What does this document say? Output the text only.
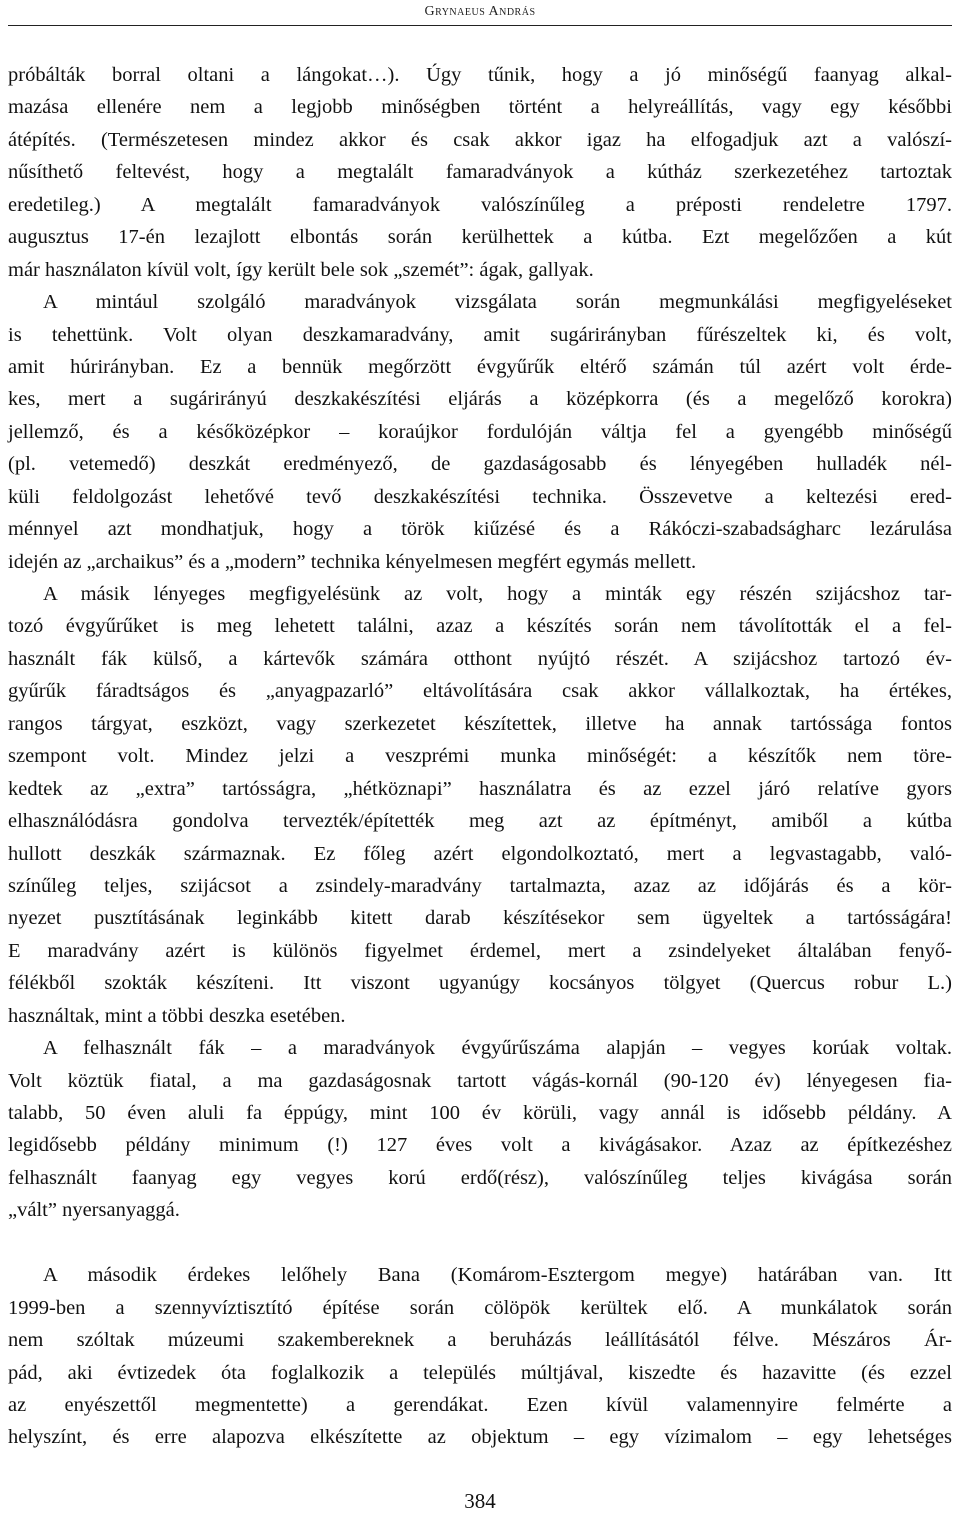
Grynaeus András
próbálták borral oltani a lángokat…). Úgy tűnik, hogy a jó minőségű faanyag alkal-
mazása ellenére nem a legjobb minőségben történt a helyreállítás, vagy egy későbbi
átépítés. (Természetesen mindez akkor és csak akkor igaz ha elfogadjuk azt a valószí-
nűsíthető feltevést, hogy a megtalált famaradványok a kútház szerkezetéhez tartoztak
eredetileg.) A megtalált famaradványok valószínűleg a préposti rendeletre 1797.
augusztus 17-én lezajlott elbontás során kerülhettek a kútba. Ezt megelőzően a kút
már használaton kívül volt, így került bele sok „szemét”: ágak, gallyak.
A mintául szolgáló maradványok vizsgálata során megmunkálási megfigyeléseket
is tehettünk. Volt olyan deszkamaradvány, amit sugárirányban fűrészeltek ki, és volt,
amit húrirányban. Ez a bennük megőrzött évgyűrűk eltérő számán túl azért volt érde-
kes, mert a sugárirányú deszkakészítési eljárás a középkorra (és a megelőző korokra)
jellemző, és a későközépkor – koraújkor fordulóján váltja fel a gyengébb minőségű
(pl. vetemedő) deszkát eredményező, de gazdaságosabb és lényegében hulladék nél-
küli feldolgozást lehetővé tevő deszkakészítési technika. Összevetve a keltezési ered-
ménnyel azt mondhatjuk, hogy a török kiűzésé és a Rákóczi-szabadságharc lezárulása
idején az „archaikus” és a „modern” technika kényelmesen megfért egymás mellett.
A másik lényeges megfigyelésünk az volt, hogy a minták egy részén szijácshoz tar-
tozó évgyűrűket is meg lehetett találni, azaz a készítés során nem távolították el a fel-
használt fák külső, a kártevők számára otthont nyújtó részét. A szijácshoz tartozó év-
gyűrűk fáradtságos és „anyagpazarló” eltávolítására csak akkor vállalkoztak, ha értékes,
rangos tárgyat, eszközt, vagy szerkezetet készítettek, illetve ha annak tartóssága fontos
szempont volt. Mindez jelzi a veszprémi munka minőségét: a készítők nem törе-
kedtek az „extra” tartósságra, „hétköznapi” használatra és az ezzel járó relatíve gyors
elhasználódásra gondolva tervezték/építették meg azt az építményt, amiből a kútba
hullott deszkák származnak. Ez főleg azért elgondolkoztató, mert a legvastagabb, való-
színűleg teljes, szijácsot a zsindely-maradvány tartalmazta, azaz az időjárás és a kör-
nyezet pusztításának leginkább kitett darab készítésekor sem ügyeltek a tartósságára!
E maradvány azért is különös figyelmet érdemel, mert a zsindelyeket általában fenyő-
félékből szokták készíteni. Itt viszont ugyanúgy kocsányos tölgyet (Quercus robur L.)
használtak, mint a többi deszka esetében.
A felhasznált fák – a maradványok évgyűrűszáma alapján – vegyes korúak voltak.
Volt köztük fiatal, a ma gazdaságosnak tartott vágás-kornál (90-120 év) lényegesen fia-
talabb, 50 éven aluli fa éppúgy, mint 100 év körüli, vagy annál is idősebb példány. A
legidősebb példány minimum (!) 127 éves volt a kivágásakor. Azaz az építkezéshez
felhasznált faanyag egy vegyes korú erdő(rész), valószínűleg teljes kivágása során
„vált” nyersanyaggá.
A második érdekes lelőhely Bana (Komárom-Esztergom megye) határában van. Itt
1999-ben a szennyvíztisztító építése során cölöpök kerültek elő. A munkálatok során
nem szóltak múzeumi szakembereknek a beruházás leállításától félve. Mészáros Ár-
pád, aki évtizedek óta foglalkozik a település múltjával, kiszedte és hazavitte (és ezzel
az enyészettől megmentette) a gerendákat. Ezen kívül valamennyire felmérte a
helyszínt, és erre alapozva elkészítette az objektum – egy vízimalom – egy lehetséges
384
